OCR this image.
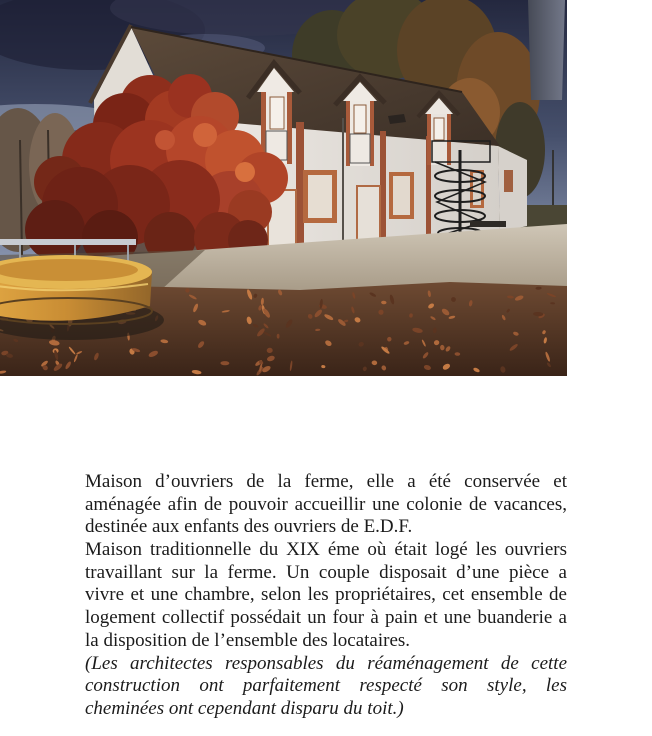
Maison d’ouvriers de la ferme, elle a été conservée et
aménagée afin de pouvoir accueillir une colonie de vacances,
destinée aux enfants des ouvriers de E.D.F.
Maison traditionnelle du XIX éme où était logé les ouvriers
travaillant sur la ferme. Un couple disposait d’une pièce a
vivre et une chambre, selon les propriétaires, cet ensemble de
logement collectif possédait un four à pain et une buanderie a
la disposition de l’ensemble des locataires.
(Les architectes responsables du réaménagement de cette
construction ont parfaitement respecté son style, les
cheminées ont cependant disparu du toit.)
